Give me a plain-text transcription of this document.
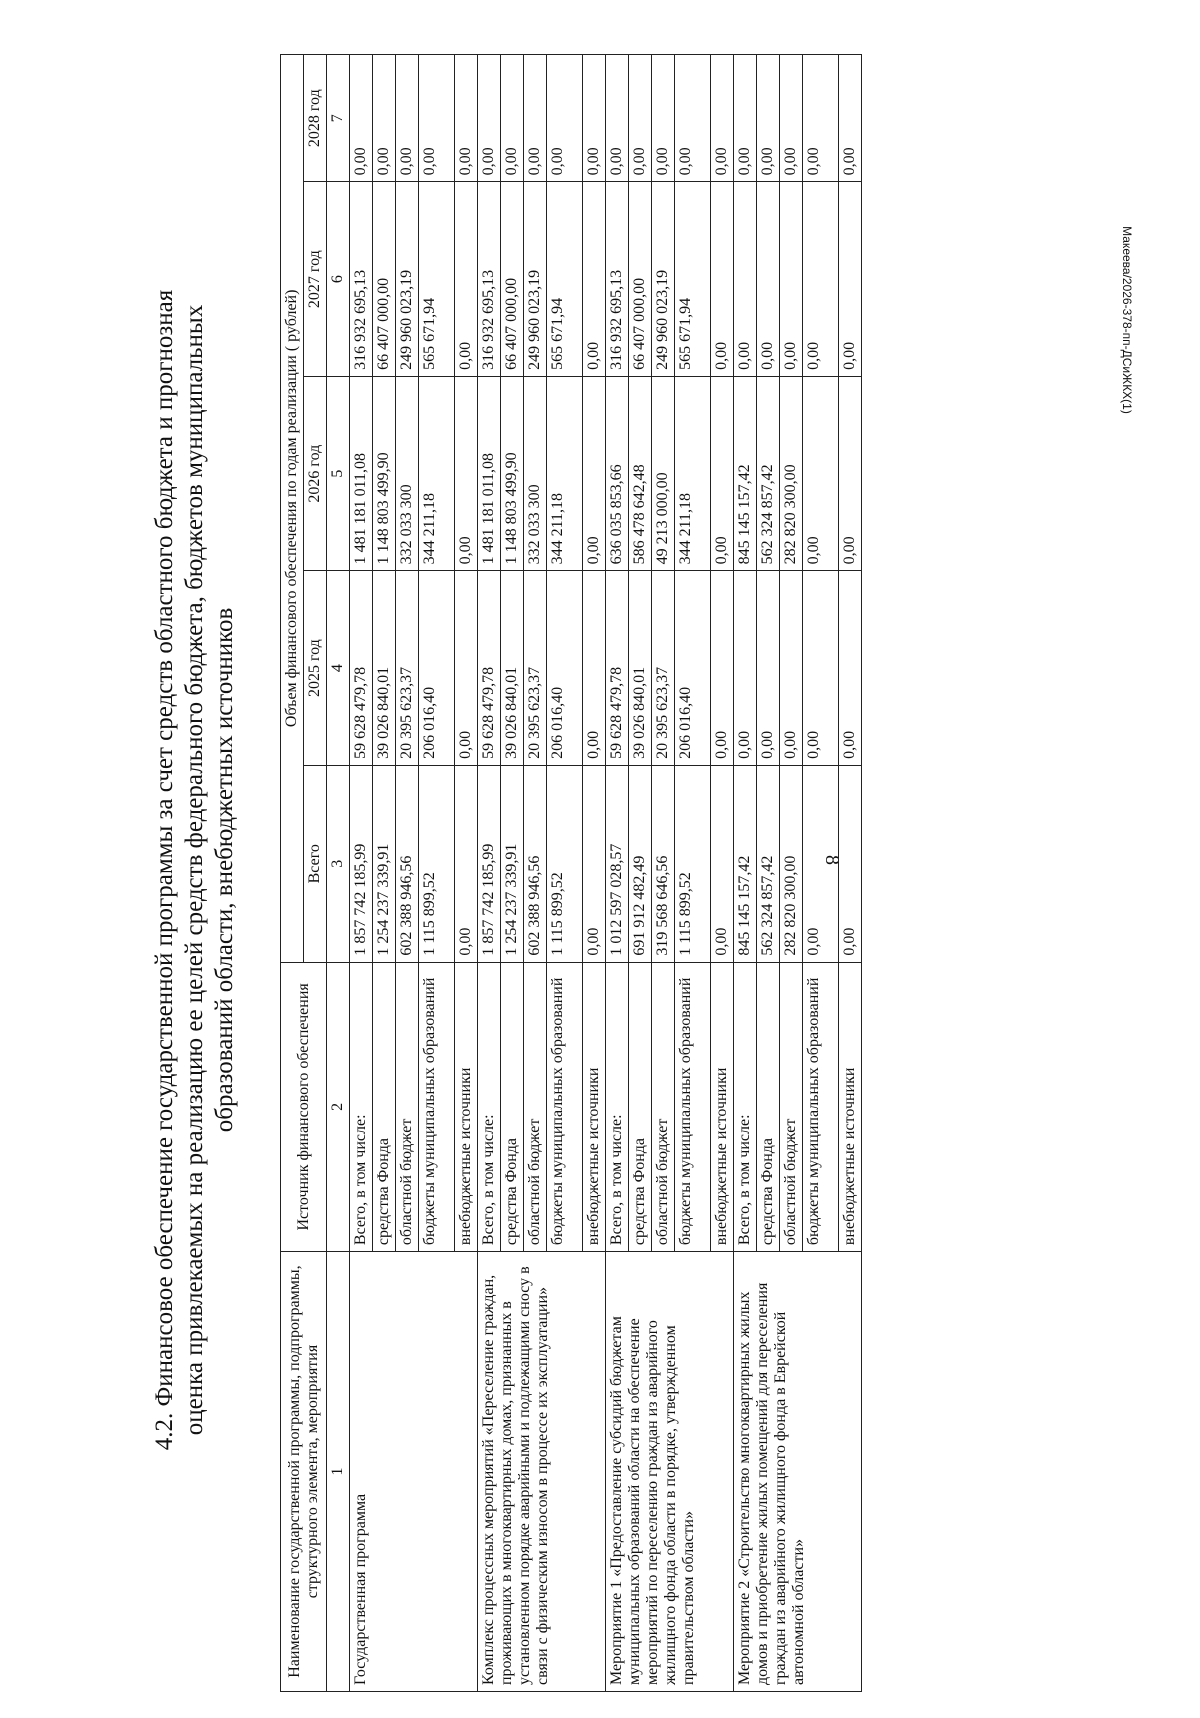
8
Макеева/2026-378-пп-ДСиЖКХ(1)
4.2. Финансовое обеспечение государственной программы за счет средств областного бюджета и прогнозная оценка привлекаемых на реализацию ее целей средств федерального бюджета, бюджетов муниципальных образований области, внебюджетных источников
Наименование государственной программы, подпрограммы, структурного элемента, мероприятия	Источник финансового обеспечения	Объем финансового обеспечения по годам реализации ( рублей)				
		Всего	2025 год	2026 год	2027 год	2028 год
1	2	3	4	5	6	7
Государственная программа	Всего, в том числе:	1 857 742 185,99	59 628 479,78	1 481 181 011,08	316 932 695,13	0,00
	средства Фонда	1 254 237 339,91	39 026 840,01	1 148 803 499,90	66 407 000,00	0,00
	областной бюджет	602 388 946,56	20 395 623,37	332 033 300	249 960 023,19	0,00
	бюджеты муниципальных образований	1 115 899,52	206 016,40	344 211,18	565 671,94	0,00
	внебюджетные источники	0,00	0,00	0,00	0,00	0,00
Комплекс процессных мероприятий «Переселение граждан, проживающих в многоквартирных домах, признанных в установленном порядке аварийными и подлежащими сносу в связи с физическим износом в процессе их эксплуатации»	Всего, в том числе:	1 857 742 185,99	59 628 479,78	1 481 181 011,08	316 932 695,13	0,00
	средства Фонда	1 254 237 339,91	39 026 840,01	1 148 803 499,90	66 407 000,00	0,00
	областной бюджет	602 388 946,56	20 395 623,37	332 033 300	249 960 023,19	0,00
	бюджеты муниципальных образований	1 115 899,52	206 016,40	344 211,18	565 671,94	0,00
	внебюджетные источники	0,00	0,00	0,00	0,00	0,00
Мероприятие 1 «Предоставление субсидий бюджетам муниципальных образований области на обеспечение мероприятий по переселению граждан из аварийного жилищного фонда области в порядке, утвержденном правительством области»	Всего, в том числе:	1 012 597 028,57	59 628 479,78	636 035 853,66	316 932 695,13	0,00
	средства Фонда	691 912 482,49	39 026 840,01	586 478 642,48	66 407 000,00	0,00
	областной бюджет	319 568 646,56	20 395 623,37	49 213 000,00	249 960 023,19	0,00
	бюджеты муниципальных образований	1 115 899,52	206 016,40	344 211,18	565 671,94	0,00
	внебюджетные источники	0,00	0,00	0,00	0,00	0,00
Мероприятие 2 «Строительство многоквартирных жилых домов и приобретение жилых помещений для переселения граждан из аварийного жилищного фонда в Еврейской автономной области»	Всего, в том числе:	845 145 157,42	0,00	845 145 157,42	0,00	0,00
	средства Фонда	562 324 857,42	0,00	562 324 857,42	0,00	0,00
	областной бюджет	282 820 300,00	0,00	282 820 300,00	0,00	0,00
	бюджеты муниципальных образований	0,00	0,00	0,00	0,00	0,00
	внебюджетные источники	0,00	0,00	0,00	0,00	0,00
